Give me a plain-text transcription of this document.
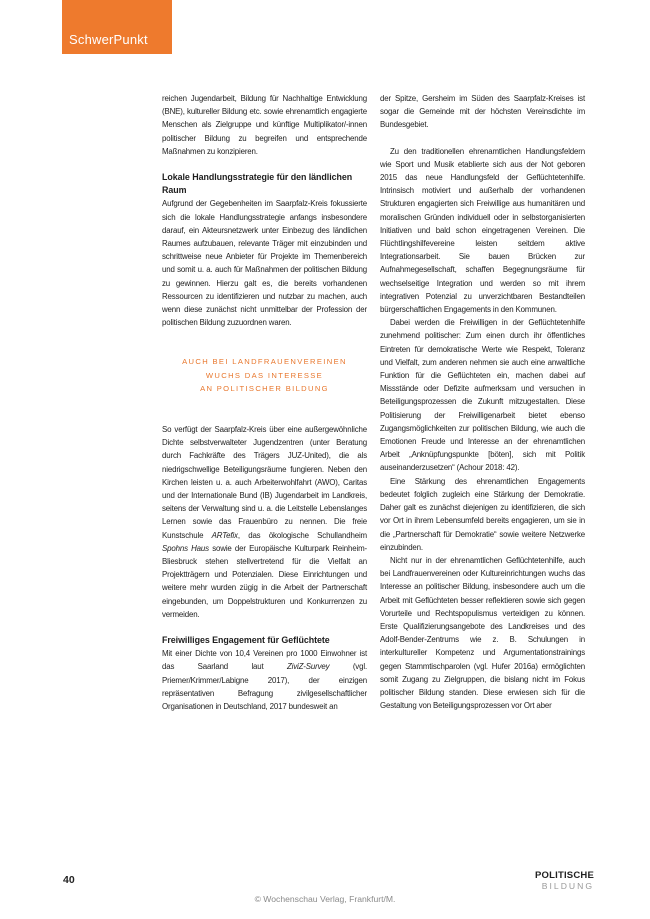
SchwerPunkt

reichen Jugendarbeit, Bildung für Nachhaltige Entwicklung (BNE), kultureller Bildung etc. sowie ehrenamtlich engagierte Menschen als Zielgruppe und künftige Multiplikator/-innen politischer Bildung zu begreifen und entsprechende Maßnahmen zu konzipieren.

Lokale Handlungsstrategie für den ländlichen Raum

Aufgrund der Gegebenheiten im Saarpfalz-Kreis fokussierte sich die lokale Handlungsstrategie anfangs insbesondere darauf, ein Akteursnetzwerk unter Einbezug des ländlichen Raumes aufzubauen, relevante Träger mit einzubinden und schrittweise neue Anbieter für Projekte im Themenbereich und somit u. a. auch für Maßnahmen der politischen Bildung zu gewinnen. Hierzu galt es, die bereits vorhandenen Ressourcen zu identifizieren und nutzbar zu machen, auch wenn diese zunächst nicht unmittelbar der Profession der politischen Bildung zuzuordnen waren.

AUCH BEI LANDFRAUENVEREINEN
WUCHS DAS INTERESSE
AN POLITISCHER BILDUNG

So verfügt der Saarpfalz-Kreis über eine außergewöhnliche Dichte selbstverwalteter Jugendzentren (unter Beratung durch Fachkräfte des Trägers JUZ-United), die als niedrigschwellige Beteiligungsräume fungieren. Neben den Kirchen leisten u. a. auch Arbeiterwohlfahrt (AWO), Caritas und der Internationale Bund (IB) Jugendarbeit im Landkreis, seitens der Verwaltung sind u. a. die Leitstelle Lebenslanges Lernen sowie das Frauenbüro zu nennen. Die freie Kunstschule ARTefix, das ökologische Schullandheim Spohns Haus sowie der Europäische Kulturpark Reinheim-Bliesbruck stehen stellvertretend für die Vielfalt an Projektträgern und Potenzialen. Diese Einrichtungen und weitere mehr wurden zügig in die Arbeit der Partnerschaft eingebunden, um Doppelstrukturen und Konkurrenzen zu vermeiden.

Freiwilliges Engagement für Geflüchtete

Mit einer Dichte von 10,4 Vereinen pro 1000 Einwohner ist das Saarland laut ZiviZ-Survey (vgl. Priemer/Krimmer/Labigne 2017), der einzigen repräsentativen Befragung zivilgesellschaftlicher Organisationen in Deutschland, 2017 bundesweit an

der Spitze, Gersheim im Süden des Saarpfalz-Kreises ist sogar die Gemeinde mit der höchsten Vereinsdichte im Bundesgebiet.

Zu den traditionellen ehrenamtlichen Handlungsfeldern wie Sport und Musik etablierte sich aus der Not geboren 2015 das neue Handlungsfeld der Geflüchtetenhilfe. Intrinsisch motiviert und außerhalb der vorhandenen Strukturen engagierten sich Freiwillige aus humanitären und moralischen Gründen individuell oder in selbstorganisierten Initiativen und bald schon eingetragenen Vereinen. Die Flüchtlingshilfevereine leisten seitdem aktive Integrationsarbeit. Sie bauen Brücken zur Aufnahmegesellschaft, schaffen Begegnungsräume für wechselseitige Integration und werden so mit ihrem integrativen Potenzial zu unverzichtbaren Bestandteilen bürgerschaftlichen Engagements in den Kommunen.

Dabei werden die Freiwilligen in der Geflüchtetenhilfe zunehmend politischer: Zum einen durch ihr öffentliches Eintreten für demokratische Werte wie Respekt, Toleranz und Vielfalt, zum anderen nehmen sie auch eine anwaltliche Funktion für die Geflüchteten ein, machen dabei auf Missstände oder Defizite aufmerksam und versuchen in Beteiligungsprozessen die Zukunft mitzugestalten. Diese Politisierung der Freiwilligenarbeit bietet ebenso Zugangsmöglichkeiten zur politischen Bildung, wie auch die Emotionen Freude und Interesse an der ehrenamtlichen Arbeit „Anknüpfungspunkte [böten], sich mit Politik auseinanderzusetzen“ (Achour 2018: 42).

Eine Stärkung des ehrenamtlichen Engagements bedeutet folglich zugleich eine Stärkung der Demokratie. Daher galt es zunächst diejenigen zu identifizieren, die sich vor Ort in ihrem Lebensumfeld bereits engagieren, um sie in die „Partnerschaft für Demokratie“ sowie weitere Netzwerke einzubinden.

Nicht nur in der ehrenamtlichen Geflüchtetenhilfe, auch bei Landfrauenvereinen oder Kultureinrichtungen wuchs das Interesse an politischer Bildung, insbesondere auch um die Arbeit mit Geflüchteten besser reflektieren sowie sich gegen Vorurteile und Rechtspopulismus verteidigen zu können. Erste Qualifizierungsangebote des Landkreises und des Adolf-Bender-Zentrums wie z. B. Schulungen in interkultureller Kompetenz und Argumentationstrainings gegen Stammtischparolen (vgl. Hufer 2016a) ermöglichten somit Zugang zu Zielgruppen, die bislang nicht im Fokus politischer Bildung standen. Diese erwiesen sich für die Gestaltung von Beteiligungsprozessen vor Ort aber

40	POLITISCHE
BILDUNG
© Wochenschau Verlag, Frankfurt/M.
